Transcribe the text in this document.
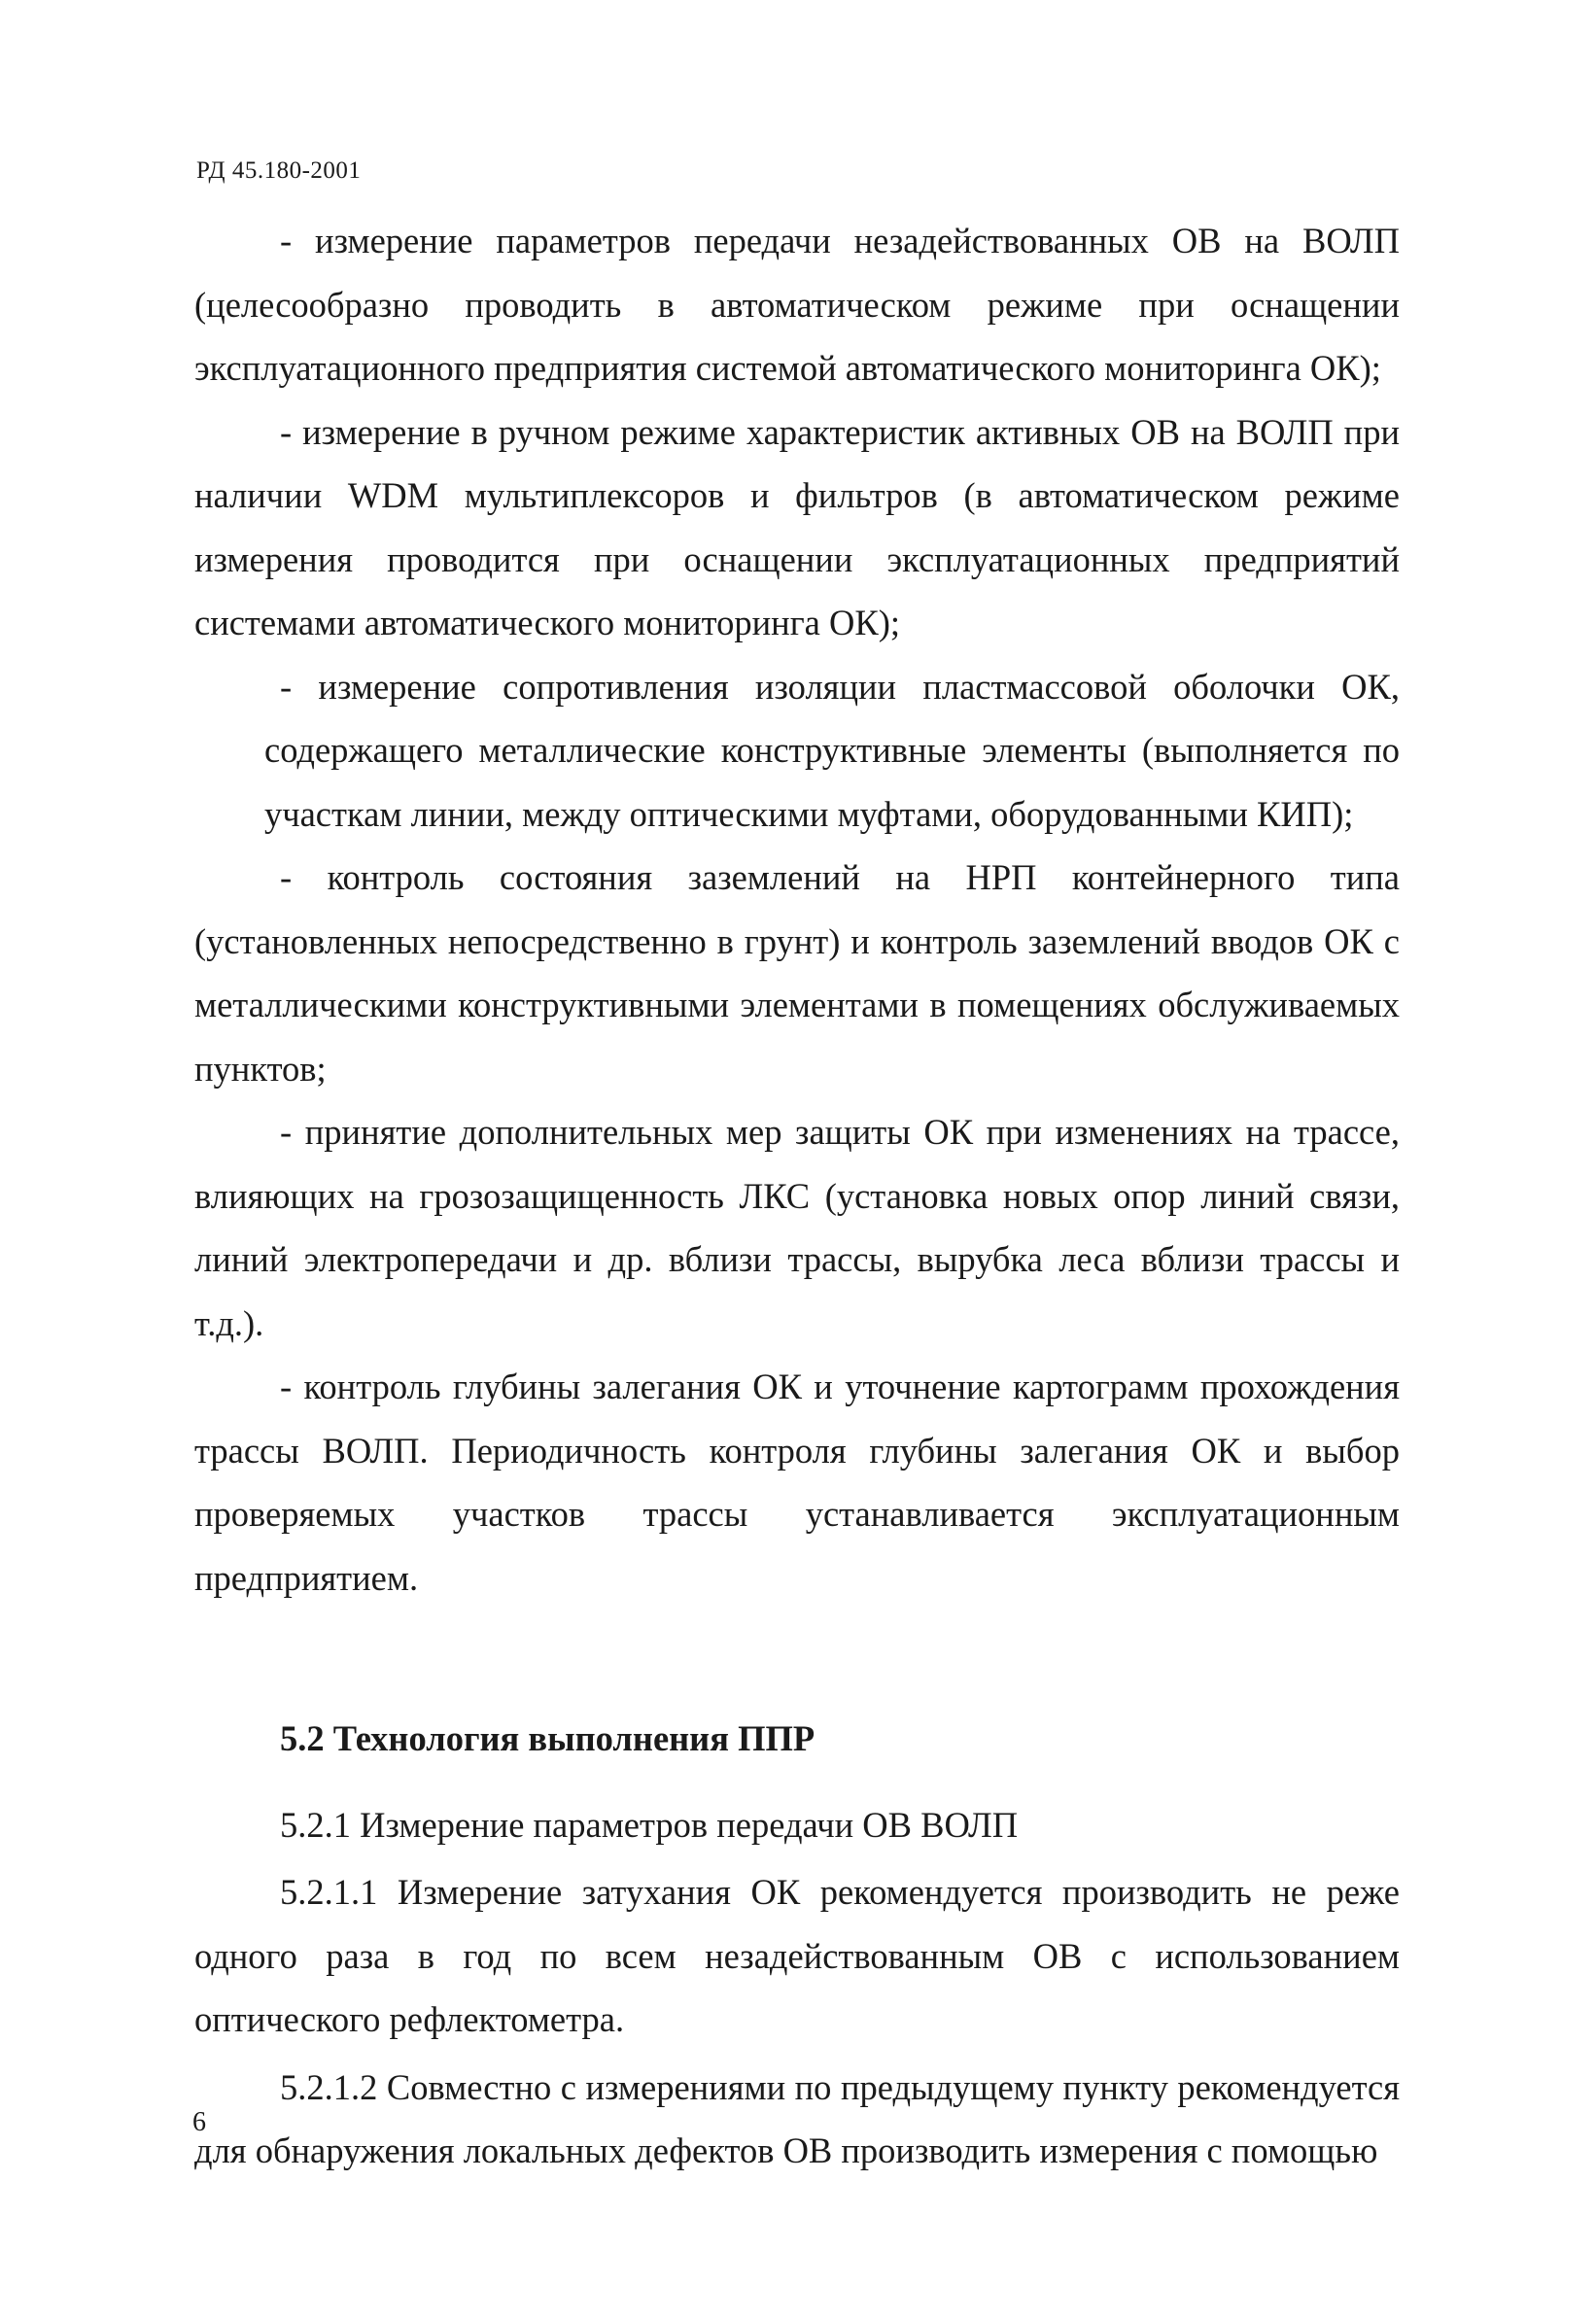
РД 45.180-2001

- измерение параметров передачи незадействованных ОВ на ВОЛП (целесообразно проводить в автоматическом режиме при оснащении эксплуатационного предприятия системой автоматического мониторинга ОК);

- измерение в ручном режиме характеристик активных ОВ на ВОЛП при наличии WDM мультиплексоров и фильтров (в автоматическом режиме измерения проводится при оснащении эксплуатационных предприятий системами автоматического мониторинга ОК);

- измерение сопротивления изоляции пластмассовой оболочки ОК, содержащего металлические конструктивные элементы (выполняется по участкам линии, между оптическими муфтами, оборудованными КИП);

- контроль состояния заземлений на НРП контейнерного типа (установленных непосредственно в грунт) и контроль заземлений вводов ОК с металлическими конструктивными элементами в помещениях обслуживаемых пунктов;

- принятие дополнительных мер защиты ОК при изменениях на трассе, влияющих на грозозащищенность ЛКС (установка новых опор линий связи, линий электропередачи и др. вблизи трассы, вырубка леса вблизи трассы и т.д.).

- контроль глубины залегания ОК и уточнение картограмм прохождения трассы ВОЛП. Периодичность контроля глубины залегания ОК и выбор проверяемых участков трассы устанавливается эксплуатационным предприятием.

5.2 Технология выполнения ППР

5.2.1 Измерение параметров передачи ОВ ВОЛП

5.2.1.1 Измерение затухания ОК рекомендуется производить не реже одного раза в год по всем незадействованным ОВ с использованием оптического рефлектометра.

5.2.1.2 Совместно с измерениями по предыдущему пункту рекомендуется для обнаружения локальных дефектов ОВ производить измерения с помощью

6
